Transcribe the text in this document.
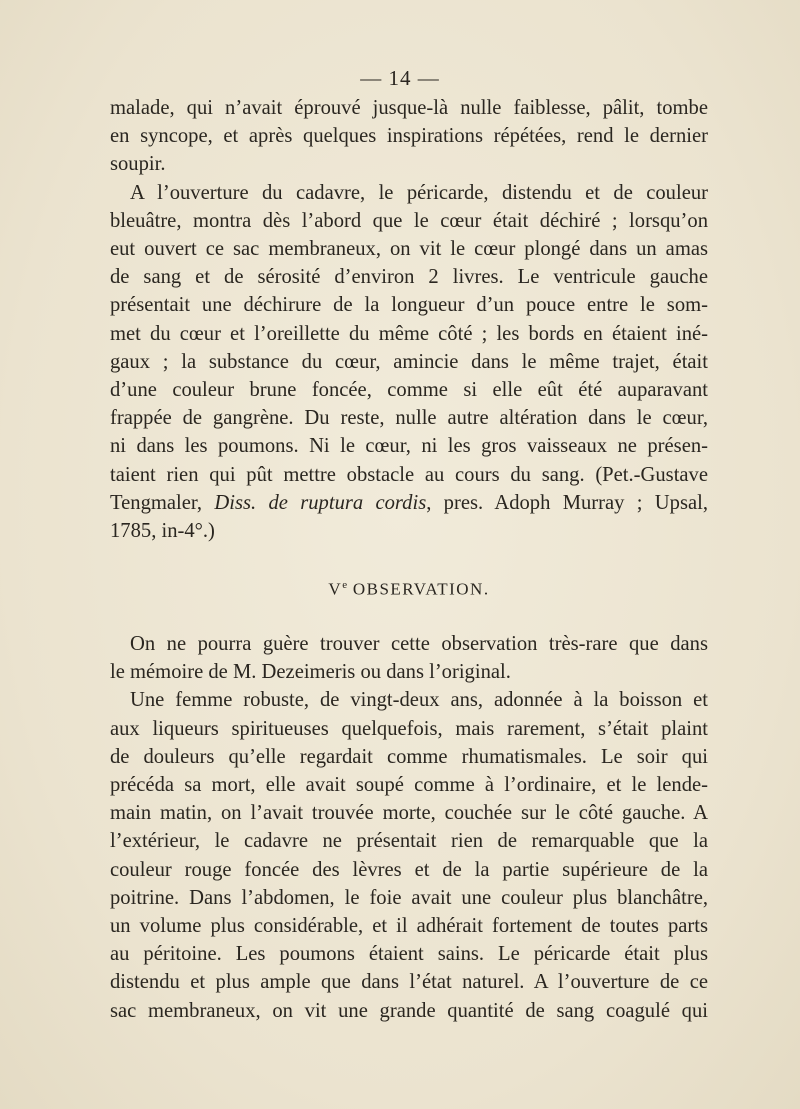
— 14 —

malade, qui n’avait éprouvé jusque-là nulle faiblesse, pâlit, tombe
en syncope, et après quelques inspirations répétées, rend le dernier
soupir.

A l’ouverture du cadavre, le péricarde, distendu et de couleur
bleuâtre, montra dès l’abord que le cœur était déchiré ; lorsqu’on
eut ouvert ce sac membraneux, on vit le cœur plongé dans un amas
de sang et de sérosité d’environ 2 livres. Le ventricule gauche
présentait une déchirure de la longueur d’un pouce entre le som-
met du cœur et l’oreillette du même côté ; les bords en étaient iné-
gaux ; la substance du cœur, amincie dans le même trajet, était
d’une couleur brune foncée, comme si elle eût été auparavant
frappée de gangrène. Du reste, nulle autre altération dans le cœur,
ni dans les poumons. Ni le cœur, ni les gros vaisseaux ne présen-
taient rien qui pût mettre obstacle au cours du sang. (Pet.-Gustave
Tengmaler, Diss. de ruptura cordis, pres. Adoph Murray ; Upsal,
1785, in-4°.)

Ve OBSERVATION.

On ne pourra guère trouver cette observation très-rare que dans
le mémoire de M. Dezeimeris ou dans l’original.

Une femme robuste, de vingt-deux ans, adonnée à la boisson et
aux liqueurs spiritueuses quelquefois, mais rarement, s’était plaint
de douleurs qu’elle regardait comme rhumatismales. Le soir qui
précéda sa mort, elle avait soupé comme à l’ordinaire, et le lende-
main matin, on l’avait trouvée morte, couchée sur le côté gauche. A
l’extérieur, le cadavre ne présentait rien de remarquable que la
couleur rouge foncée des lèvres et de la partie supérieure de la
poitrine. Dans l’abdomen, le foie avait une couleur plus blanchâtre,
un volume plus considérable, et il adhérait fortement de toutes parts
au péritoine. Les poumons étaient sains. Le péricarde était plus
distendu et plus ample que dans l’état naturel. A l’ouverture de ce
sac membraneux, on vit une grande quantité de sang coagulé qui
